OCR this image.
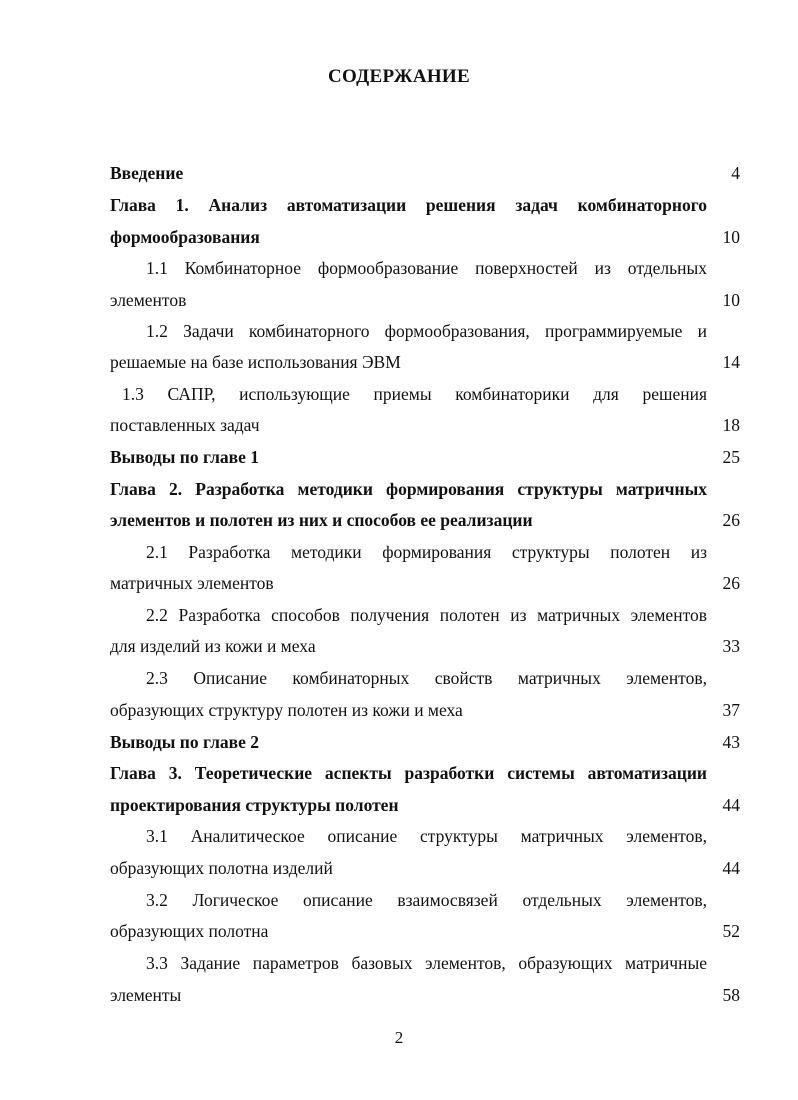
СОДЕРЖАНИЕ
Введение	4
Глава 1. Анализ автоматизации решения задач комбинаторного
формообразования	10
1.1 Комбинаторное формообразование поверхностей из отдельных
элементов	10
1.2 Задачи комбинаторного формообразования, программируемые и
решаемые на базе использования ЭВМ	14
1.3 САПР, использующие приемы комбинаторики для решения
поставленных задач	18
Выводы по главе 1	25
Глава 2. Разработка методики формирования структуры матричных
элементов и полотен из них и способов ее реализации	26
2.1 Разработка методики формирования структуры полотен из
матричных элементов	26
2.2 Разработка способов получения полотен из матричных элементов
для изделий из кожи и меха	33
2.3 Описание комбинаторных свойств матричных элементов,
образующих структуру полотен из кожи и меха	37
Выводы по главе 2	43
Глава 3. Теоретические аспекты разработки системы автоматизации
проектирования структуры полотен	44
3.1 Аналитическое описание структуры матричных элементов,
образующих полотна изделий	44
3.2 Логическое описание взаимосвязей отдельных элементов,
образующих полотна	52
3.3 Задание параметров базовых элементов, образующих матричные
элементы	58
2
